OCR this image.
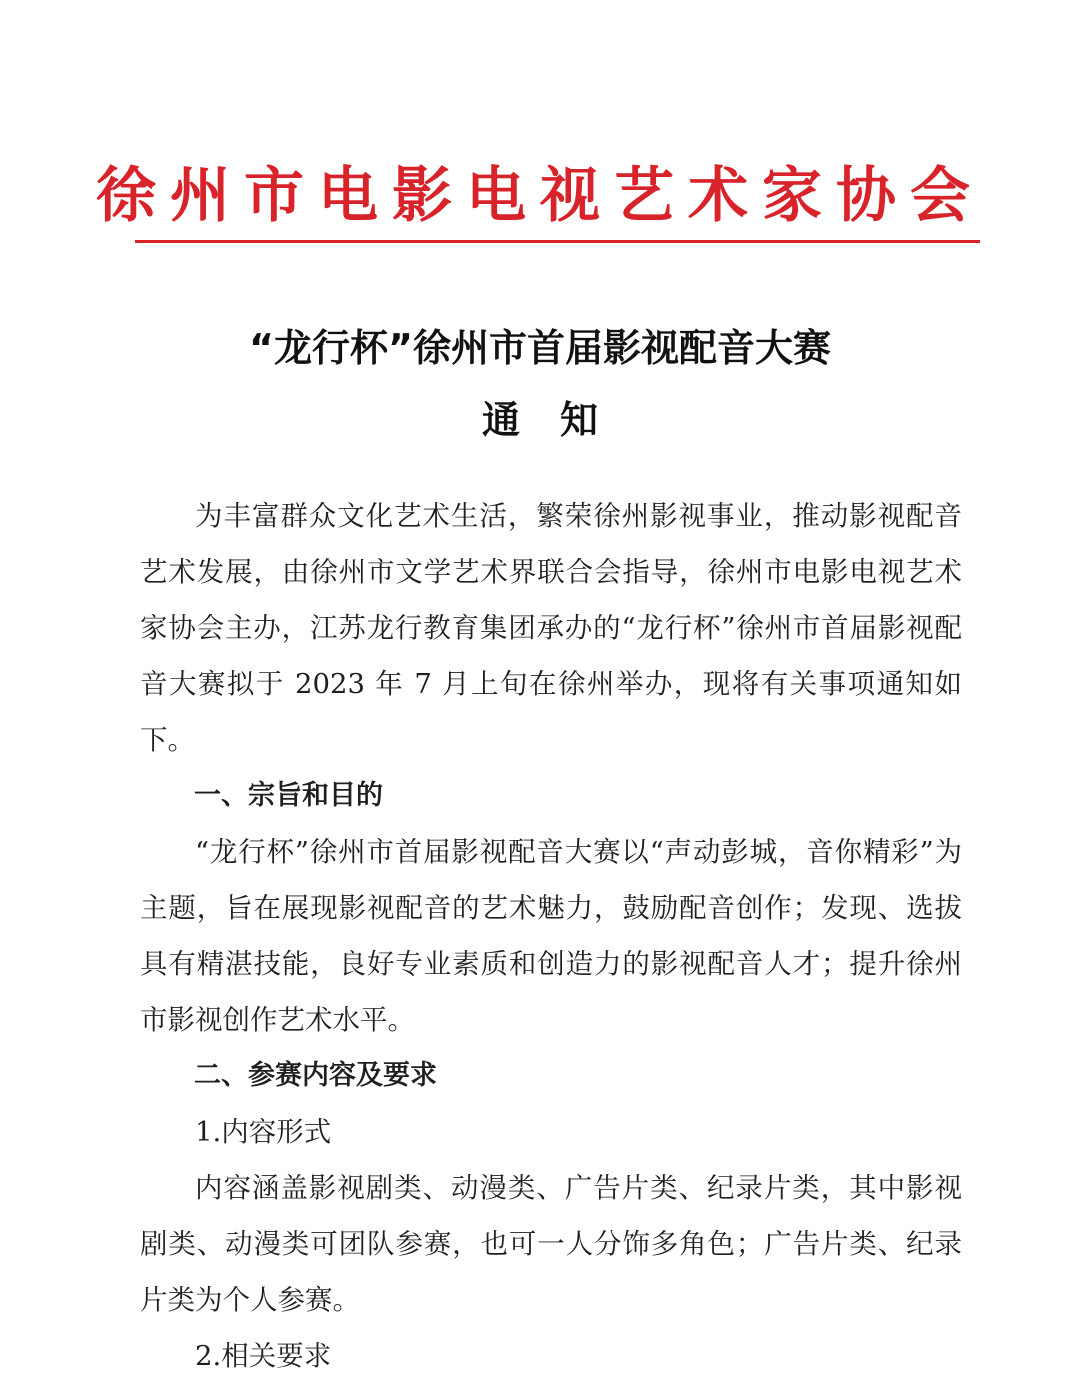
徐州市电影电视艺术家协会
“龙行杯”徐州市首届影视配音大赛
通知

为丰富群众文化艺术生活，繁荣徐州影视事业，推动影视配音艺术发展，由徐州市文学艺术界联合会指导，徐州市电影电视艺术家协会主办，江苏龙行教育集团承办的“龙行杯”徐州市首届影视配音大赛拟于 2023 年 7 月上旬在徐州举办，现将有关事项通知如下。

一、宗旨和目的

“龙行杯”徐州市首届影视配音大赛以“声动彭城，音你精彩”为主题，旨在展现影视配音的艺术魅力，鼓励配音创作；发现、选拔具有精湛技能，良好专业素质和创造力的影视配音人才；提升徐州市影视创作艺术水平。

二、参赛内容及要求

1.内容形式

内容涵盖影视剧类、动漫类、广告片类、纪录片类，其中影视剧类、动漫类可团队参赛，也可一人分饰多角色；广告片类、纪录片类为个人参赛。

2.相关要求
